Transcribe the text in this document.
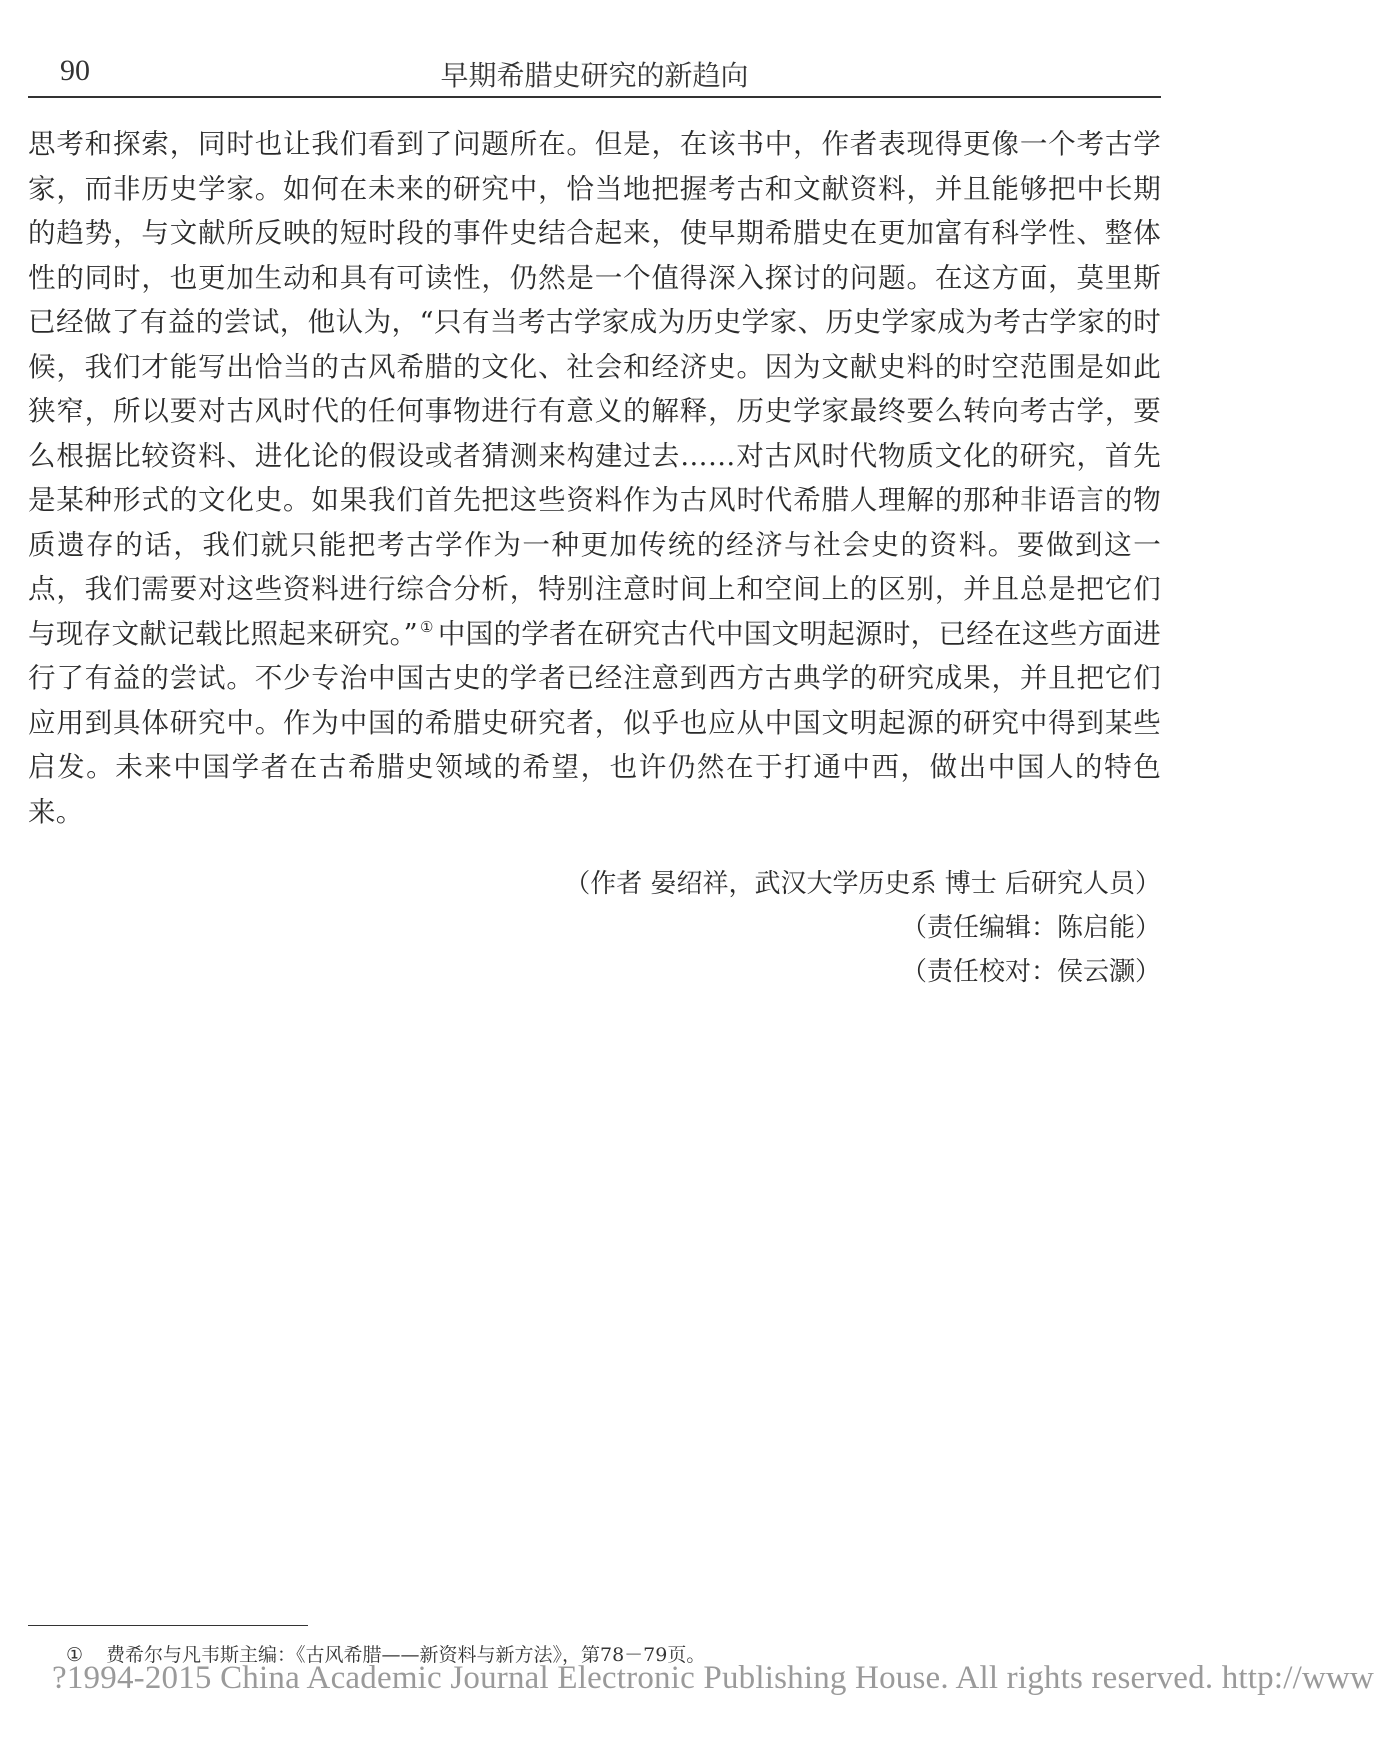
90	早期希腊史研究的新趋向

思考和探索，同时也让我们看到了问题所在。但是，在该书中，作者表现得更像一个考古学家，而非历史学家。如何在未来的研究中，恰当地把握考古和文献资料，并且能够把中长期的趋势，与文献所反映的短时段的事件史结合起来，使早期希腊史在更加富有科学性、整体性的同时，也更加生动和具有可读性，仍然是一个值得深入探讨的问题。在这方面，莫里斯已经做了有益的尝试，他认为，“只有当考古学家成为历史学家、历史学家成为考古学家的时候，我们才能写出恰当的古风希腊的文化、社会和经济史。因为文献史料的时空范围是如此狭窄，所以要对古风时代的任何事物进行有意义的解释，历史学家最终要么转向考古学，要么根据比较资料、进化论的假设或者猜测来构建过去……对古风时代物质文化的研究，首先是某种形式的文化史。如果我们首先把这些资料作为古风时代希腊人理解的那种非语言的物质遗存的话，我们就只能把考古学作为一种更加传统的经济与社会史的资料。要做到这一点，我们需要对这些资料进行综合分析，特别注意时间上和空间上的区别，并且总是把它们与现存文献记载比照起来研究。” ① 中国的学者在研究古代中国文明起源时，已经在这些方面进行了有益的尝试。不少专治中国古史的学者已经注意到西方古典学的研究成果，并且把它们应用到具体研究中。作为中国的希腊史研究者，似乎也应从中国文明起源的研究中得到某些启发。未来中国学者在古希腊史领域的希望，也许仍然在于打通中西，做出中国人的特色来。

（作者 晏绍祥，武汉大学历史系 博士 后研究人员）
（责任编辑：陈启能）
（责任校对：侯云灏）
① 费希尔与凡韦斯主编：《古风希腊——新资料与新方法》，第78－79页。
?1994-2015 China Academic Journal Electronic Publishing House. All rights reserved. http://www
